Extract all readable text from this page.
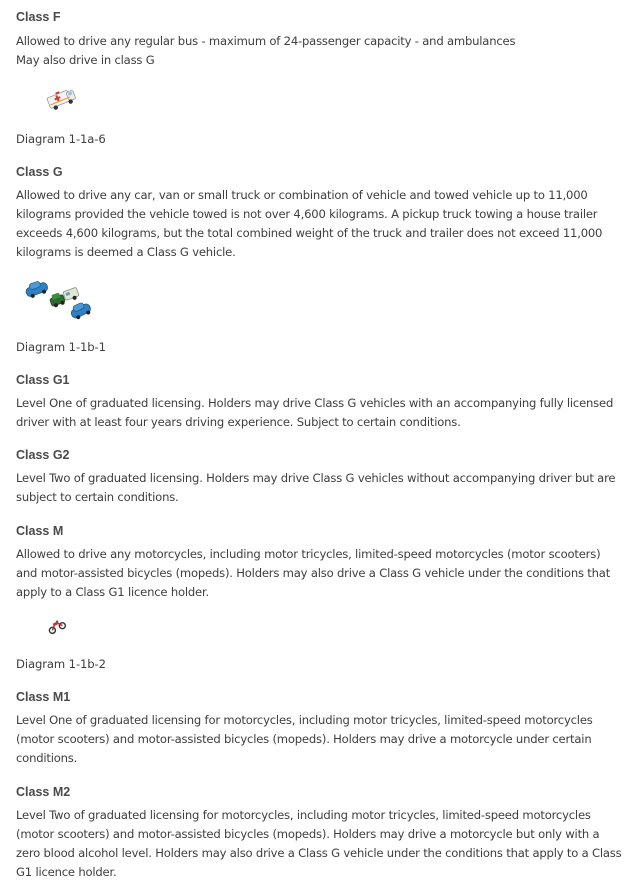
Class F

Allowed to drive any regular bus - maximum of 24-passenger capacity - and ambulances
May also drive in class G

Diagram 1-1a-6

Class G

Allowed to drive any car, van or small truck or combination of vehicle and towed vehicle up to 11,000
kilograms provided the vehicle towed is not over 4,600 kilograms. A pickup truck towing a house trailer
exceeds 4,600 kilograms, but the total combined weight of the truck and trailer does not exceed 11,000
kilograms is deemed a Class G vehicle.

Diagram 1-1b-1

Class G1

Level One of graduated licensing. Holders may drive Class G vehicles with an accompanying fully licensed
driver with at least four years driving experience. Subject to certain conditions.

Class G2

Level Two of graduated licensing. Holders may drive Class G vehicles without accompanying driver but are
subject to certain conditions.

Class M

Allowed to drive any motorcycles, including motor tricycles, limited-speed motorcycles (motor scooters)
and motor-assisted bicycles (mopeds). Holders may also drive a Class G vehicle under the conditions that
apply to a Class G1 licence holder.

Diagram 1-1b-2

Class M1

Level One of graduated licensing for motorcycles, including motor tricycles, limited-speed motorcycles
(motor scooters) and motor-assisted bicycles (mopeds). Holders may drive a motorcycle under certain
conditions.

Class M2

Level Two of graduated licensing for motorcycles, including motor tricycles, limited-speed motorcycles
(motor scooters) and motor-assisted bicycles (mopeds). Holders may drive a motorcycle but only with a
zero blood alcohol level. Holders may also drive a Class G vehicle under the conditions that apply to a Class
G1 licence holder.
